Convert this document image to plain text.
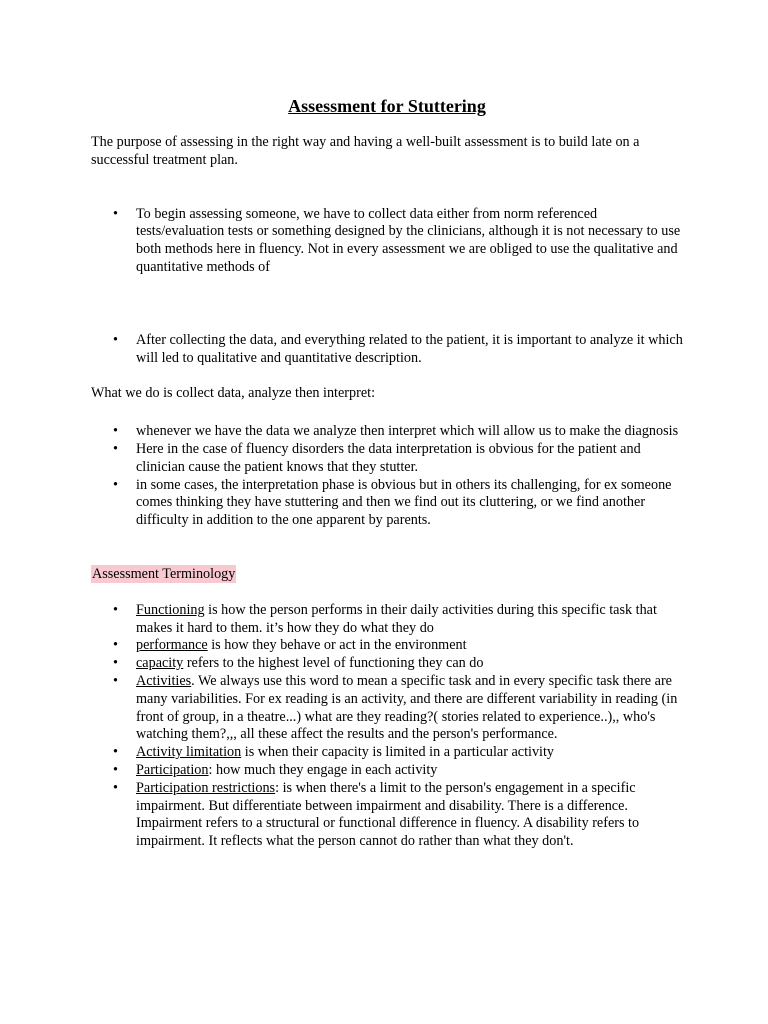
Assessment for Stuttering

The purpose of assessing in the right way and having a well-built assessment is to build late on a successful treatment plan.

• To begin assessing someone, we have to collect data either from norm referenced tests/evaluation tests or something designed by the clinicians, although it is not necessary to use both methods here in fluency. Not in every assessment we are obliged to use the qualitative and quantitative methods of
• After collecting the data, and everything related to the patient, it is important to analyze it which will led to qualitative and quantitative description.

What we do is collect data, analyze then interpret:

• whenever we have the data we analyze then interpret which will allow us to make the diagnosis
• Here in the case of fluency disorders the data interpretation is obvious for the patient and clinician cause the patient knows that they stutter.
• in some cases, the interpretation phase is obvious but in others its challenging, for ex someone comes thinking they have stuttering and then we find out its cluttering, or we find another difficulty in addition to the one apparent by parents.

Assessment Terminology

• Functioning is how the person performs in their daily activities during this specific task that makes it hard to them. it’s how they do what they do
• performance is how they behave or act in the environment
• capacity refers to the highest level of functioning they can do
• Activities. We always use this word to mean a specific task and in every specific task there are many variabilities. For ex reading is an activity, and there are different variability in reading (in front of group, in a theatre...) what are they reading?( stories related to experience..),, who's watching them?,,, all these affect the results and the person's performance.
• Activity limitation is when their capacity is limited in a particular activity
• Participation: how much they engage in each activity
• Participation restrictions: is when there's a limit to the person's engagement in a specific impairment. But differentiate between impairment and disability. There is a difference. Impairment refers to a structural or functional difference in fluency. A disability refers to impairment. It reflects what the person cannot do rather than what they don't.
